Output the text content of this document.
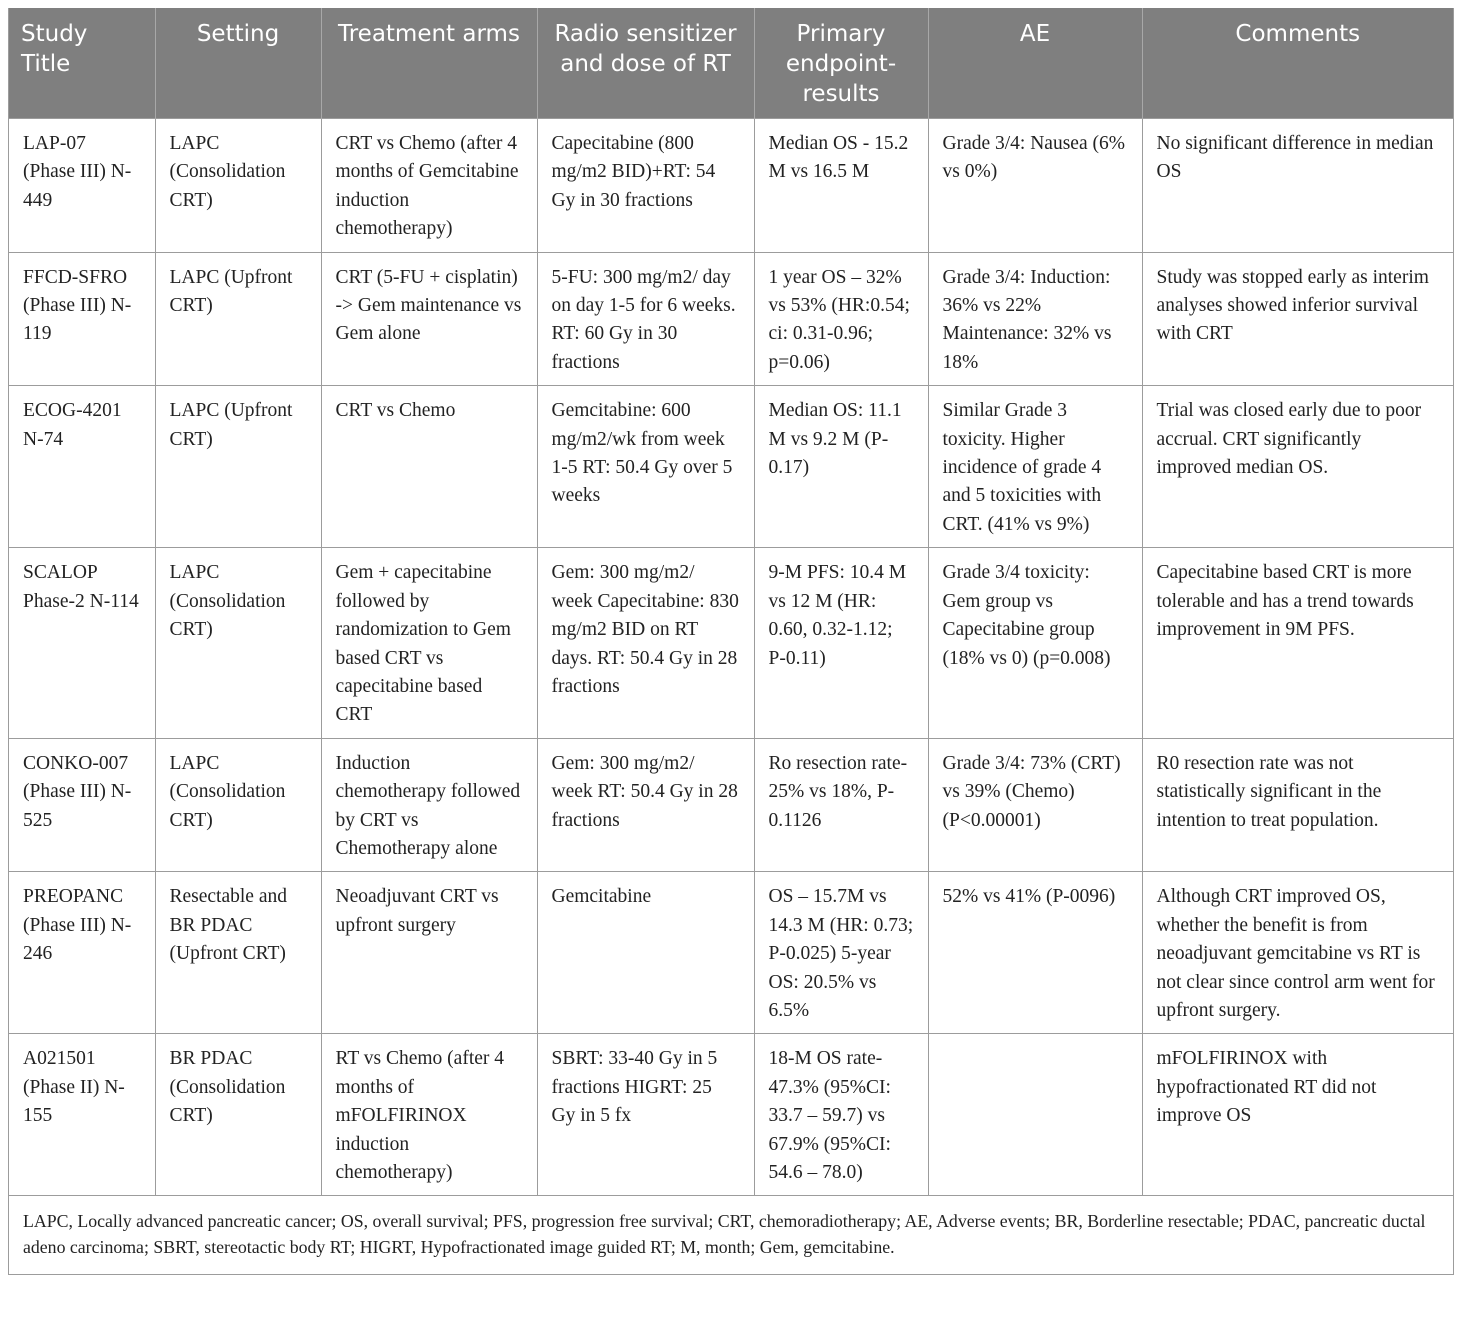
Study Title	Setting	Treatment arms	Radio sensitizer and dose of RT	Primary endpoint-results	AE	Comments
LAP-07 (Phase III) N- 449	LAPC (Consolidation CRT)	CRT vs Chemo (after 4 months of Gemcitabine induction chemotherapy)	Capecitabine (800 mg/m2 BID)+RT: 54 Gy in 30 fractions	Median OS - 15.2 M vs 16.5 M	Grade 3/4: Nausea (6% vs 0%)	No significant difference in median OS
FFCD-SFRO (Phase III) N-119	LAPC (Upfront CRT)	CRT (5-FU + cisplatin) -> Gem maintenance vs Gem alone	5-FU: 300 mg/m2/ day on day 1-5 for 6 weeks. RT: 60 Gy in 30 fractions	1 year OS – 32% vs 53% (HR:0.54; ci: 0.31-0.96; p=0.06)	Grade 3/4: Induction: 36% vs 22% Maintenance: 32% vs 18%	Study was stopped early as interim analyses showed inferior survival with CRT
ECOG-4201 N-74	LAPC (Upfront CRT)	CRT vs Chemo	Gemcitabine: 600 mg/m2/wk from week 1-5 RT: 50.4 Gy over 5 weeks	Median OS: 11.1 M vs 9.2 M (P-0.17)	Similar Grade 3 toxicity. Higher incidence of grade 4 and 5 toxicities with CRT. (41% vs 9%)	Trial was closed early due to poor accrual. CRT significantly improved median OS.
SCALOP Phase-2 N-114	LAPC (Consolidation CRT)	Gem + capecitabine followed by randomization to Gem based CRT vs capecitabine based CRT	Gem: 300 mg/m2/ week Capecitabine: 830 mg/m2 BID on RT days. RT: 50.4 Gy in 28 fractions	9-M PFS: 10.4 M vs 12 M (HR: 0.60, 0.32-1.12; P-0.11)	Grade 3/4 toxicity: Gem group vs Capecitabine group (18% vs 0) (p=0.008)	Capecitabine based CRT is more tolerable and has a trend towards improvement in 9M PFS.
CONKO-007 (Phase III) N-525	LAPC (Consolidation CRT)	Induction chemotherapy followed by CRT vs Chemotherapy alone	Gem: 300 mg/m2/ week RT: 50.4 Gy in 28 fractions	Ro resection rate- 25% vs 18%, P-0.1126	Grade 3/4: 73% (CRT) vs 39% (Chemo) (P<0.00001)	R0 resection rate was not statistically significant in the intention to treat population.
PREOPANC (Phase III) N- 246	Resectable and BR PDAC (Upfront CRT)	Neoadjuvant CRT vs upfront surgery	Gemcitabine	OS – 15.7M vs 14.3 M (HR: 0.73; P-0.025) 5-year OS: 20.5% vs 6.5%	52% vs 41% (P-0096)	Although CRT improved OS, whether the benefit is from neoadjuvant gemcitabine vs RT is not clear since control arm went for upfront surgery.
A021501 (Phase II) N-155	BR PDAC (Consolidation CRT)	RT vs Chemo (after 4 months of mFOLFIRINOX induction chemotherapy)	SBRT: 33-40 Gy in 5 fractions HIGRT: 25 Gy in 5 fx	18-M OS rate- 47.3% (95%CI: 33.7 – 59.7) vs 67.9% (95%CI: 54.6 – 78.0)		mFOLFIRINOX with hypofractionated RT did not improve OS
LAPC, Locally advanced pancreatic cancer; OS, overall survival; PFS, progression free survival; CRT, chemoradiotherapy; AE, Adverse events; BR, Borderline resectable; PDAC, pancreatic ductal adeno carcinoma; SBRT, stereotactic body RT; HIGRT, Hypofractionated image guided RT; M, month; Gem, gemcitabine.						
